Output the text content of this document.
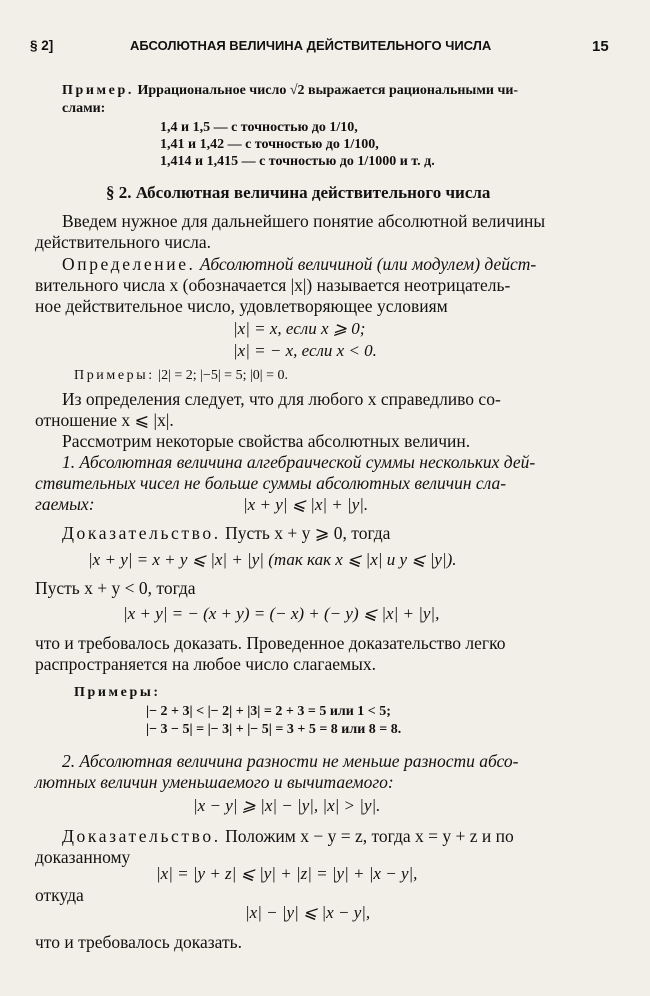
§ 2]	АБСОЛЮТНАЯ ВЕЛИЧИНА ДЕЙСТВИТЕЛЬНОГО ЧИСЛА	15
Пример. Иррациональное число √2 выражается рациональными чи-
слами:
1,4 и 1,5 — с точностью до 1/10,
1,41 и 1,42 — с точностью до 1/100,
1,414 и 1,415 — с точностью до 1/1000 и т. д.
§ 2. Абсолютная величина действительного числа
Введем нужное для дальнейшего понятие абсолютной величины
действительного числа.
Определение. Абсолютной величиной (или модулем) дейст-
вительного числа x (обозначается |x|) называется неотрицатель-
ное действительное число, удовлетворяющее условиям
|x| = x, если x ⩾ 0;
|x| = − x, если x < 0.
Примеры: |2| = 2; |−5| = 5; |0| = 0.
Из определения следует, что для любого x справедливо со-
отношение x ⩽ |x|.
Рассмотрим некоторые свойства абсолютных величин.
1. Абсолютная величина алгебраической суммы нескольких дей-
ствительных чисел не больше суммы абсолютных величин сла-
гаемых:	|x + y| ⩽ |x| + |y|.
Доказательство. Пусть x + y ⩾ 0, тогда
|x + y| = x + y ⩽ |x| + |y| (так как x ⩽ |x| и y ⩽ |y|).
Пусть x + y < 0, тогда
|x + y| = − (x + y) = (− x) + (− y) ⩽ |x| + |y|,
что и требовалось доказать. Проведенное доказательство легко
распространяется на любое число слагаемых.
Примеры:
|− 2 + 3| < |− 2| + |3| = 2 + 3 = 5 или 1 < 5;
|− 3 − 5| = |− 3| + |− 5| = 3 + 5 = 8 или 8 = 8.
2. Абсолютная величина разности не меньше разности абсо-
лютных величин уменьшаемого и вычитаемого:
|x − y| ⩾ |x| − |y|, |x| > |y|.
Доказательство. Положим x − y = z, тогда x = y + z и по
доказанному
|x| = |y + z| ⩽ |y| + |z| = |y| + |x − y|,
откуда
|x| − |y| ⩽ |x − y|,
что и требовалось доказать.
